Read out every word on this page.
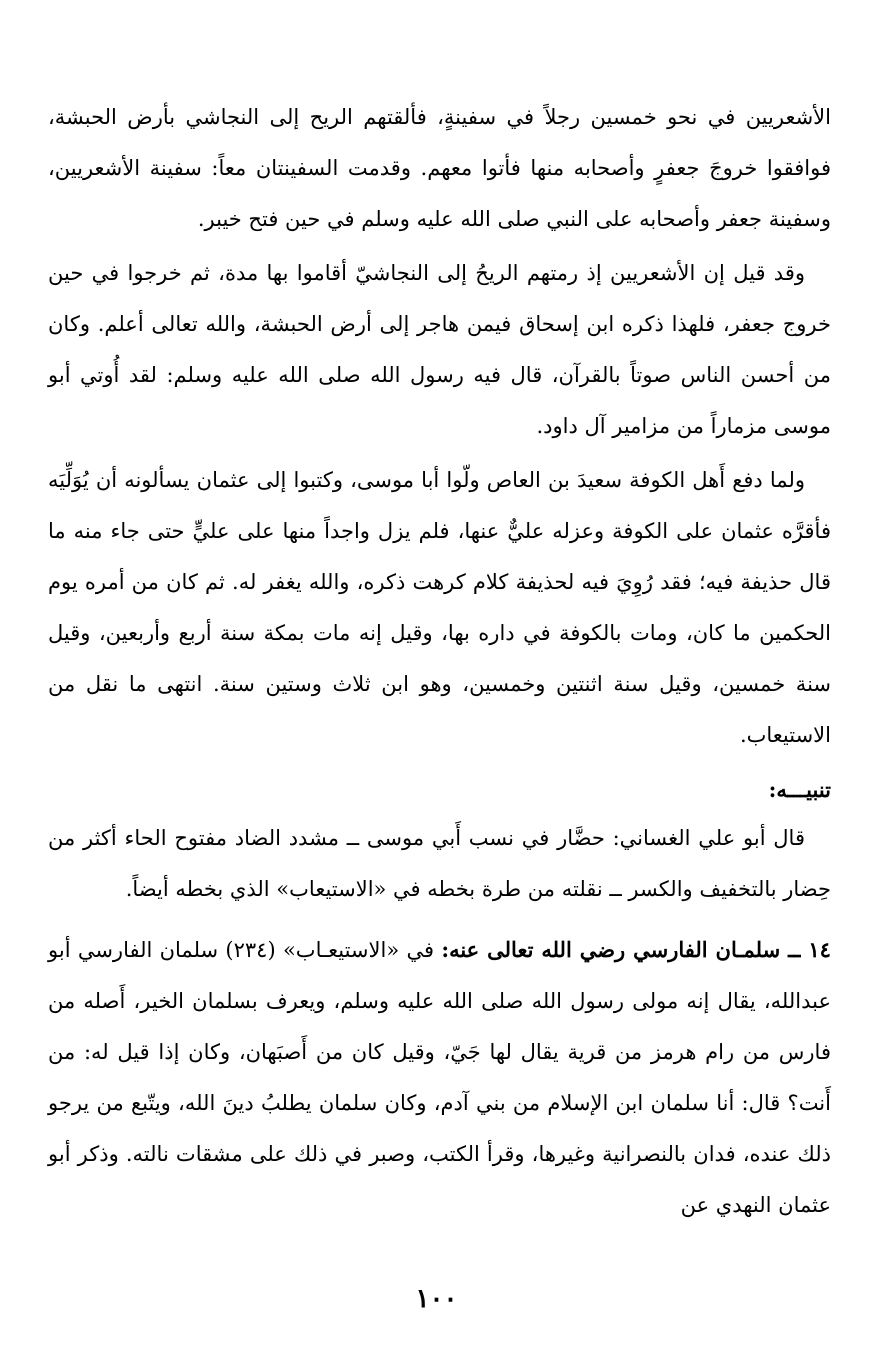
الأشعريين في نحو خمسين رجلاً في سفينةٍ، فألقتهم الريح إلى النجاشي بأرض الحبشة، فوافقوا خروجَ جعفرٍ وأصحابه منها فأتوا معهم. وقدمت السفينتان معاً: سفينة الأشعريين، وسفينة جعفر وأصحابه على النبي صلى الله عليه وسلم في حين فتح خيبر.

وقد قيل إن الأشعريين إذ رمتهم الريحُ إلى النجاشيّ أقاموا بها مدة، ثم خرجوا في حين خروج جعفر، فلهذا ذكره ابن إسحاق فيمن هاجر إلى أرض الحبشة، والله تعالى أعلم. وكان من أحسن الناس صوتاً بالقرآن، قال فيه رسول الله صلى الله عليه وسلم: لقد أُوتي أبو موسى مزماراً من مزامير آل داود.

ولما دفع أَهل الكوفة سعيدَ بن العاص ولّوا أبا موسى، وكتبوا إلى عثمان يسألونه أن يُوَلِّيَه فأقرَّه عثمان على الكوفة وعزله عليٌّ عنها، فلم يزل واجداً منها على عليٍّ حتى جاء منه ما قال حذيفة فيه؛ فقد رُوِيَ فيه لحذيفة كلام كرهت ذكره، والله يغفر له. ثم كان من أمره يوم الحكمين ما كان، ومات بالكوفة في داره بها، وقيل إنه مات بمكة سنة أربع وأربعين، وقيل سنة خمسين، وقيل سنة اثنتين وخمسين، وهو ابن ثلاث وستين سنة. انتهى ما نقل من الاستيعاب.

تنبيـــه:

قال أبو علي الغساني: حضَّار في نسب أَبي موسى ــ مشدد الضاد مفتوح الحاء أكثر من حِضار بالتخفيف والكسر ــ نقلته من طرة بخطه في «الاستيعاب» الذي بخطه أيضاً.

١٤ ــ سلمـان الفارسي رضي الله تعالى عنه: في «الاستيعـاب» (٢٣٤) سلمان الفارسي أبو عبدالله، يقال إنه مولى رسول الله صلى الله عليه وسلم، ويعرف بسلمان الخير، أَصله من فارس من رام هرمز من قرية يقال لها جَيّ، وقيل كان من أَصبَهان، وكان إذا قيل له: من أَنت؟ قال: أنا سلمان ابن الإسلام من بني آدم، وكان سلمان يطلبُ دينَ الله، ويتّبع من يرجو ذلك عنده، فدان بالنصرانية وغيرها، وقرأ الكتب، وصبر في ذلك على مشقات نالته. وذكر أبو عثمان النهدي عن

١٠٠
